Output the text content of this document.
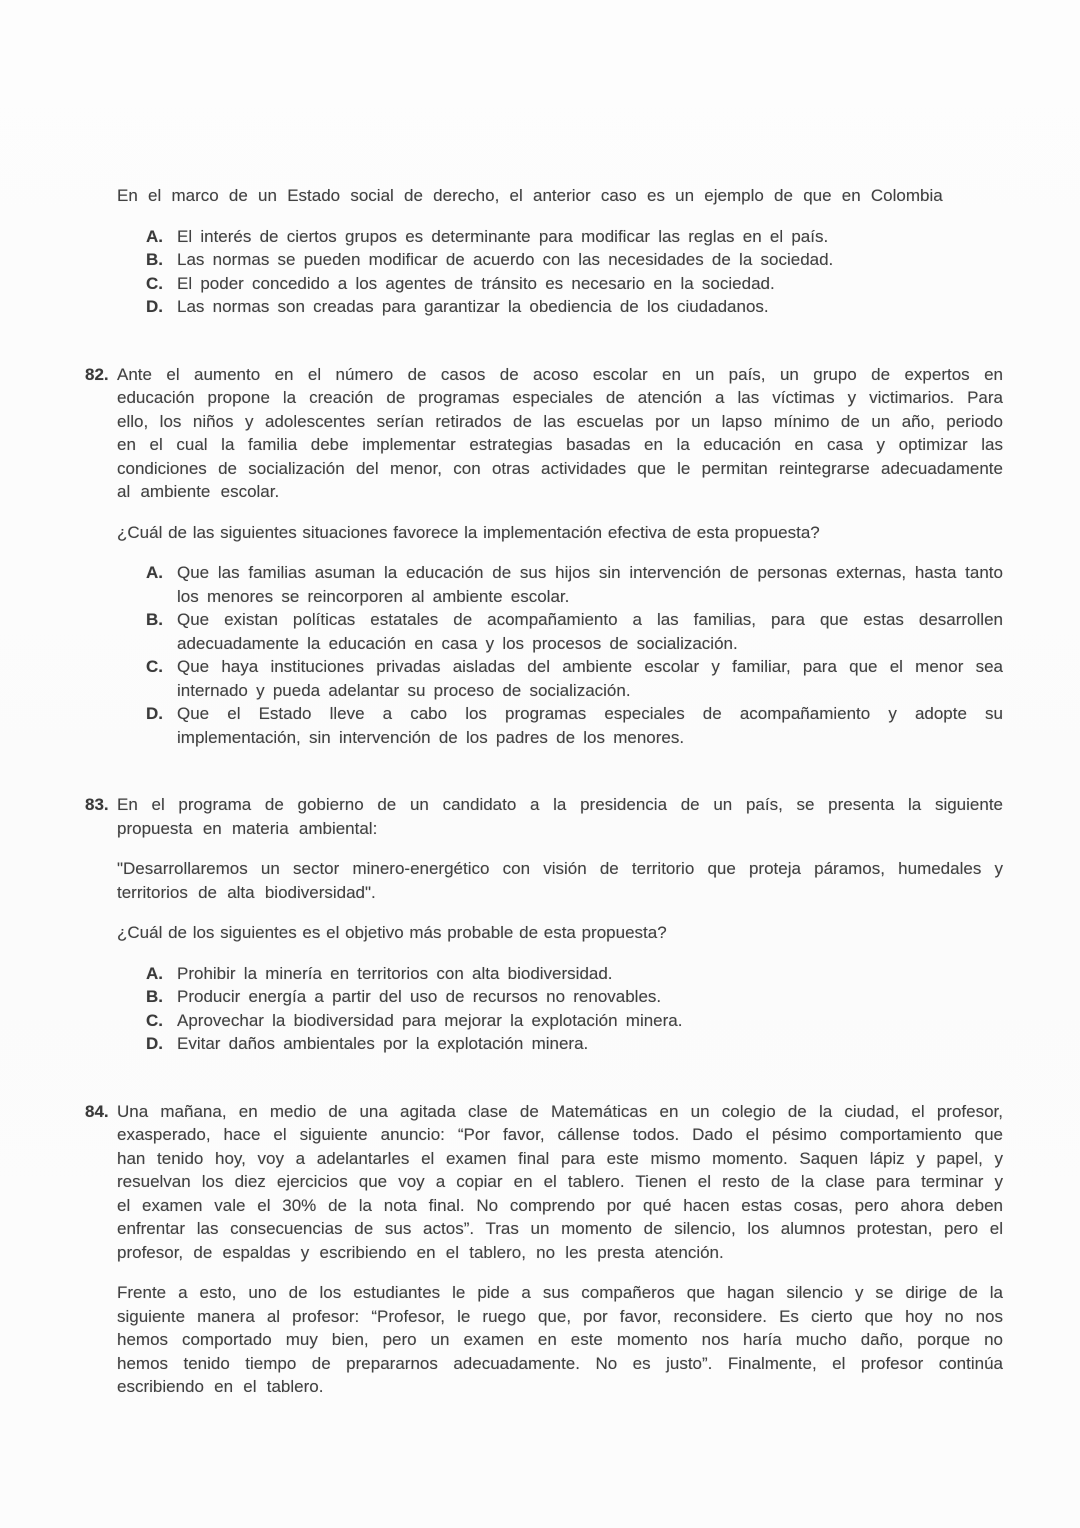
En el marco de un Estado social de derecho, el anterior caso es un ejemplo de que en Colombia

A. El interés de ciertos grupos es determinante para modificar las reglas en el país.
B. Las normas se pueden modificar de acuerdo con las necesidades de la sociedad.
C. El poder concedido a los agentes de tránsito es necesario en la sociedad.
D. Las normas son creadas para garantizar la obediencia de los ciudadanos.
82. Ante el aumento en el número de casos de acoso escolar en un país, un grupo de expertos en educación propone la creación de programas especiales de atención a las víctimas y victimarios. Para ello, los niños y adolescentes serían retirados de las escuelas por un lapso mínimo de un año, periodo en el cual la familia debe implementar estrategias basadas en la educación en casa y optimizar las condiciones de socialización del menor, con otras actividades que le permitan reintegrarse adecuadamente al ambiente escolar.

¿Cuál de las siguientes situaciones favorece la implementación efectiva de esta propuesta?

A. Que las familias asuman la educación de sus hijos sin intervención de personas externas, hasta tanto los menores se reincorporen al ambiente escolar.
B. Que existan políticas estatales de acompañamiento a las familias, para que estas desarrollen adecuadamente la educación en casa y los procesos de socialización.
C. Que haya instituciones privadas aisladas del ambiente escolar y familiar, para que el menor sea internado y pueda adelantar su proceso de socialización.
D. Que el Estado lleve a cabo los programas especiales de acompañamiento y adopte su implementación, sin intervención de los padres de los menores.
83. En el programa de gobierno de un candidato a la presidencia de un país, se presenta la siguiente propuesta en materia ambiental:

"Desarrollaremos un sector minero-energético con visión de territorio que proteja páramos, humedales y territorios de alta biodiversidad".

¿Cuál de los siguientes es el objetivo más probable de esta propuesta?

A. Prohibir la minería en territorios con alta biodiversidad.
B. Producir energía a partir del uso de recursos no renovables.
C. Aprovechar la biodiversidad para mejorar la explotación minera.
D. Evitar daños ambientales por la explotación minera.
84. Una mañana, en medio de una agitada clase de Matemáticas en un colegio de la ciudad, el profesor, exasperado, hace el siguiente anuncio: “Por favor, cállense todos. Dado el pésimo comportamiento que han tenido hoy, voy a adelantarles el examen final para este mismo momento. Saquen lápiz y papel, y resuelvan los diez ejercicios que voy a copiar en el tablero. Tienen el resto de la clase para terminar y el examen vale el 30% de la nota final. No comprendo por qué hacen estas cosas, pero ahora deben enfrentar las consecuencias de sus actos”. Tras un momento de silencio, los alumnos protestan, pero el profesor, de espaldas y escribiendo en el tablero, no les presta atención.

Frente a esto, uno de los estudiantes le pide a sus compañeros que hagan silencio y se dirige de la siguiente manera al profesor: “Profesor, le ruego que, por favor, reconsidere. Es cierto que hoy no nos hemos comportado muy bien, pero un examen en este momento nos haría mucho daño, porque no hemos tenido tiempo de prepararnos adecuadamente. No es justo”. Finalmente, el profesor continúa escribiendo en el tablero.
